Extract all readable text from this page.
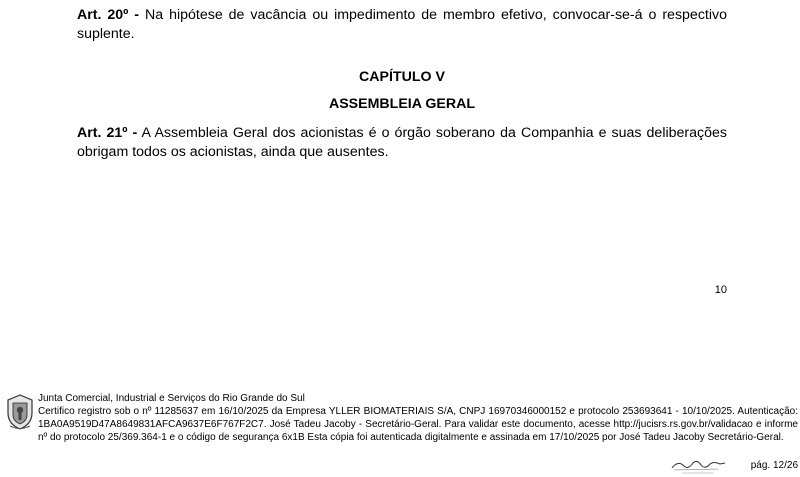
Art. 20º - Na hipótese de vacância ou impedimento de membro efetivo, convocar-se-á o respectivo suplente.

CAPÍTULO V

ASSEMBLEIA GERAL

Art. 21º - A Assembleia Geral dos acionistas é o órgão soberano da Companhia e suas deliberações obrigam todos os acionistas, ainda que ausentes.

10
Junta Comercial, Industrial e Serviços do Rio Grande do Sul
Certifico registro sob o nº 11285637 em 16/10/2025 da Empresa YLLER BIOMATERIAIS S/A, CNPJ 16970346000152 e protocolo 253693641 - 10/10/2025. Autenticação: 1BA0A9519D47A8649831AFCA9637E6F767F2C7. José Tadeu Jacoby - Secretário-Geral. Para validar este documento, acesse http://jucisrs.rs.gov.br/validacao e informe nº do protocolo 25/369.364-1 e o código de segurança 6x1B Esta cópia foi autenticada digitalmente e assinada em 17/10/2025 por José Tadeu Jacoby Secretário-Geral.
pág. 12/26
